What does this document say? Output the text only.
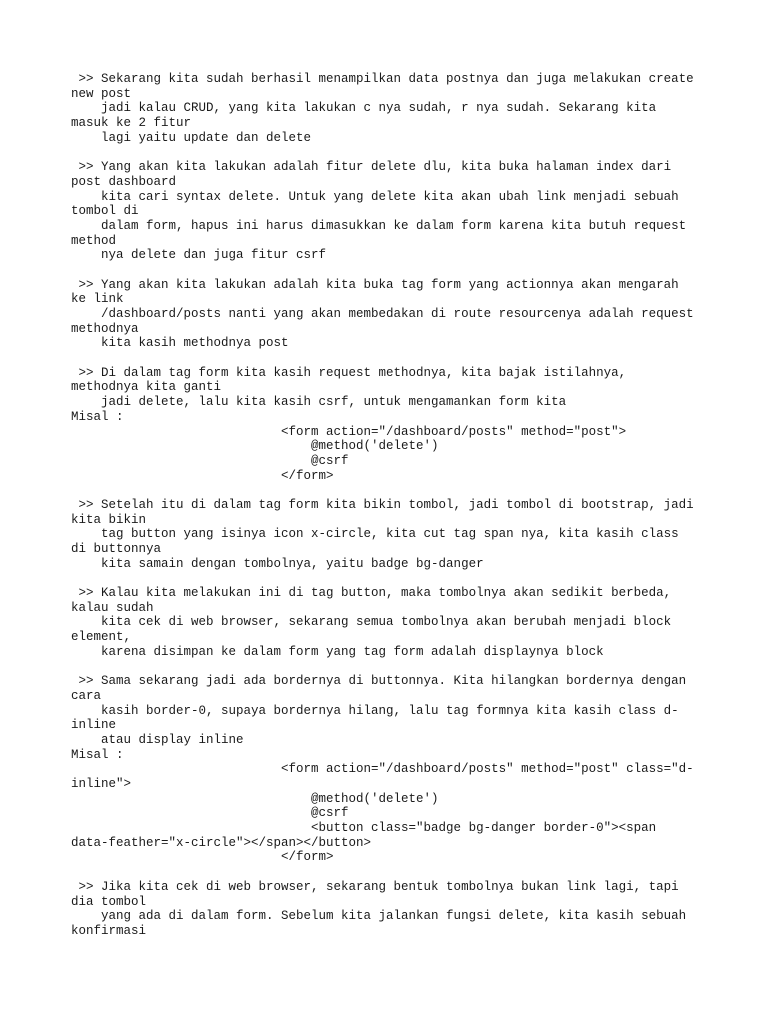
>> Sekarang kita sudah berhasil menampilkan data postnya dan juga melakukan create
new post
jadi kalau CRUD, yang kita lakukan c nya sudah, r nya sudah. Sekarang kita
masuk ke 2 fitur
lagi yaitu update dan delete
>> Yang akan kita lakukan adalah fitur delete dlu, kita buka halaman index dari
post dashboard
kita cari syntax delete. Untuk yang delete kita akan ubah link menjadi sebuah
tombol di
dalam form, hapus ini harus dimasukkan ke dalam form karena kita butuh request
method
nya delete dan juga fitur csrf
>> Yang akan kita lakukan adalah kita buka tag form yang actionnya akan mengarah
ke link
/dashboard/posts nanti yang akan membedakan di route resourcenya adalah request
methodnya
kita kasih methodnya post
>> Di dalam tag form kita kasih request methodnya, kita bajak istilahnya,
methodnya kita ganti
jadi delete, lalu kita kasih csrf, untuk mengamankan form kita
Misal :
<form action="/dashboard/posts" method="post">
@method('delete')
@csrf
</form>
>> Setelah itu di dalam tag form kita bikin tombol, jadi tombol di bootstrap, jadi
kita bikin
tag button yang isinya icon x-circle, kita cut tag span nya, kita kasih class
di buttonnya
kita samain dengan tombolnya, yaitu badge bg-danger
>> Kalau kita melakukan ini di tag button, maka tombolnya akan sedikit berbeda,
kalau sudah
kita cek di web browser, sekarang semua tombolnya akan berubah menjadi block
element,
karena disimpan ke dalam form yang tag form adalah displaynya block
>> Sama sekarang jadi ada bordernya di buttonnya. Kita hilangkan bordernya dengan
cara
kasih border-0, supaya bordernya hilang, lalu tag formnya kita kasih class d-
inline
atau display inline
Misal :
<form action="/dashboard/posts" method="post" class="d-
inline">
@method('delete')
@csrf
<button class="badge bg-danger border-0"><span
data-feather="x-circle"></span></button>
</form>
>> Jika kita cek di web browser, sekarang bentuk tombolnya bukan link lagi, tapi
dia tombol
yang ada di dalam form. Sebelum kita jalankan fungsi delete, kita kasih sebuah
konfirmasi
